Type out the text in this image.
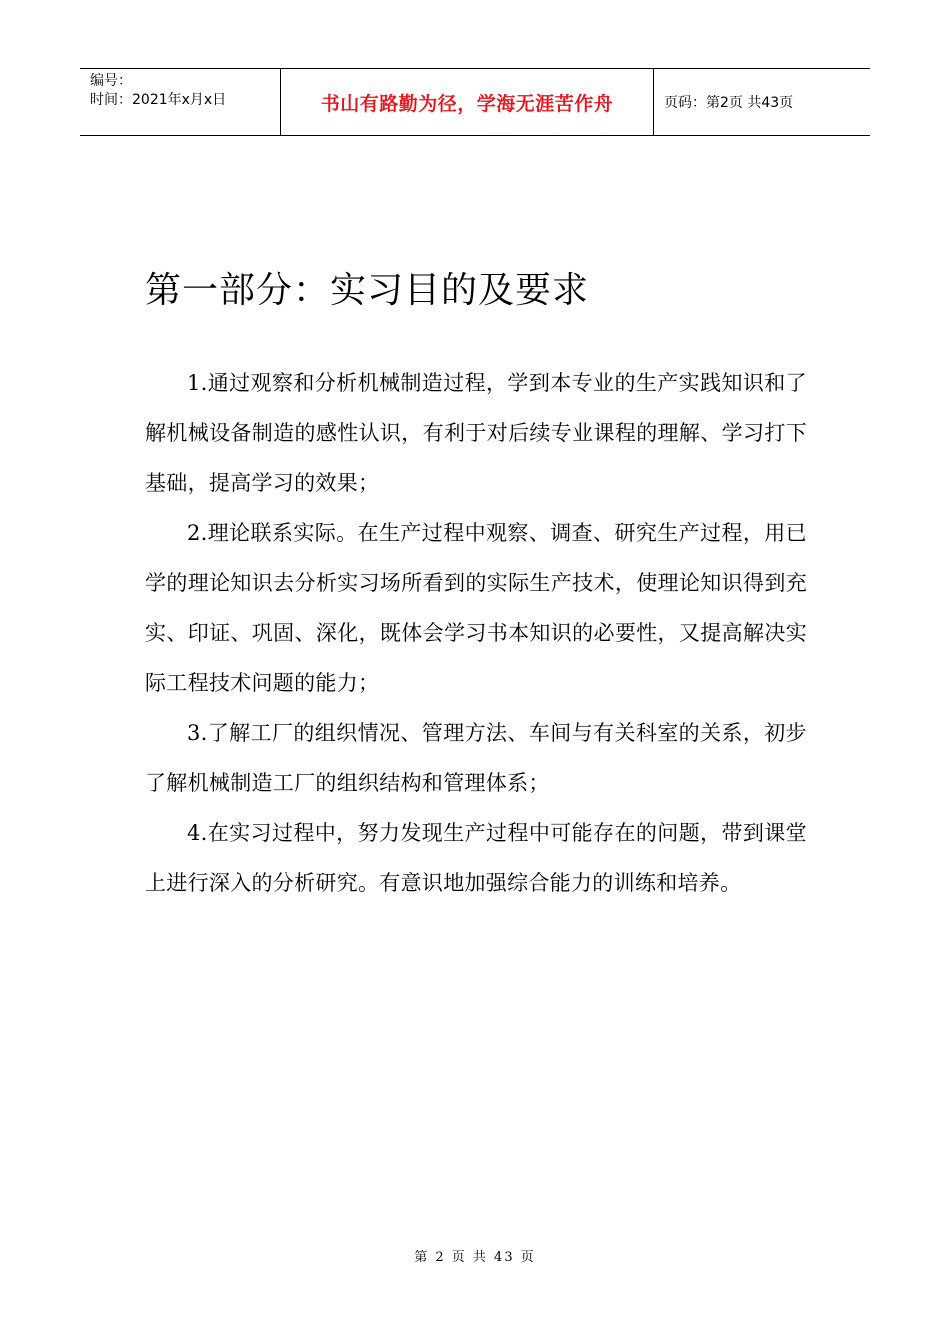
编号：
时间：2021年x月x日	书山有路勤为径，学海无涯苦作舟	页码：第2页 共43页
第一部分：实习目的及要求

1.通过观察和分析机械制造过程，学到本专业的生产实践知识和了解机械设备制造的感性认识，有利于对后续专业课程的理解、学习打下基础，提高学习的效果；

2.理论联系实际。在生产过程中观察、调查、研究生产过程，用已学的理论知识去分析实习场所看到的实际生产技术，使理论知识得到充实、印证、巩固、深化，既体会学习书本知识的必要性，又提高解决实际工程技术问题的能力；

3.了解工厂的组织情况、管理方法、车间与有关科室的关系，初步了解机械制造工厂的组织结构和管理体系；

4.在实习过程中，努力发现生产过程中可能存在的问题，带到课堂上进行深入的分析研究。有意识地加强综合能力的训练和培养。

第 2 页 共 43 页
